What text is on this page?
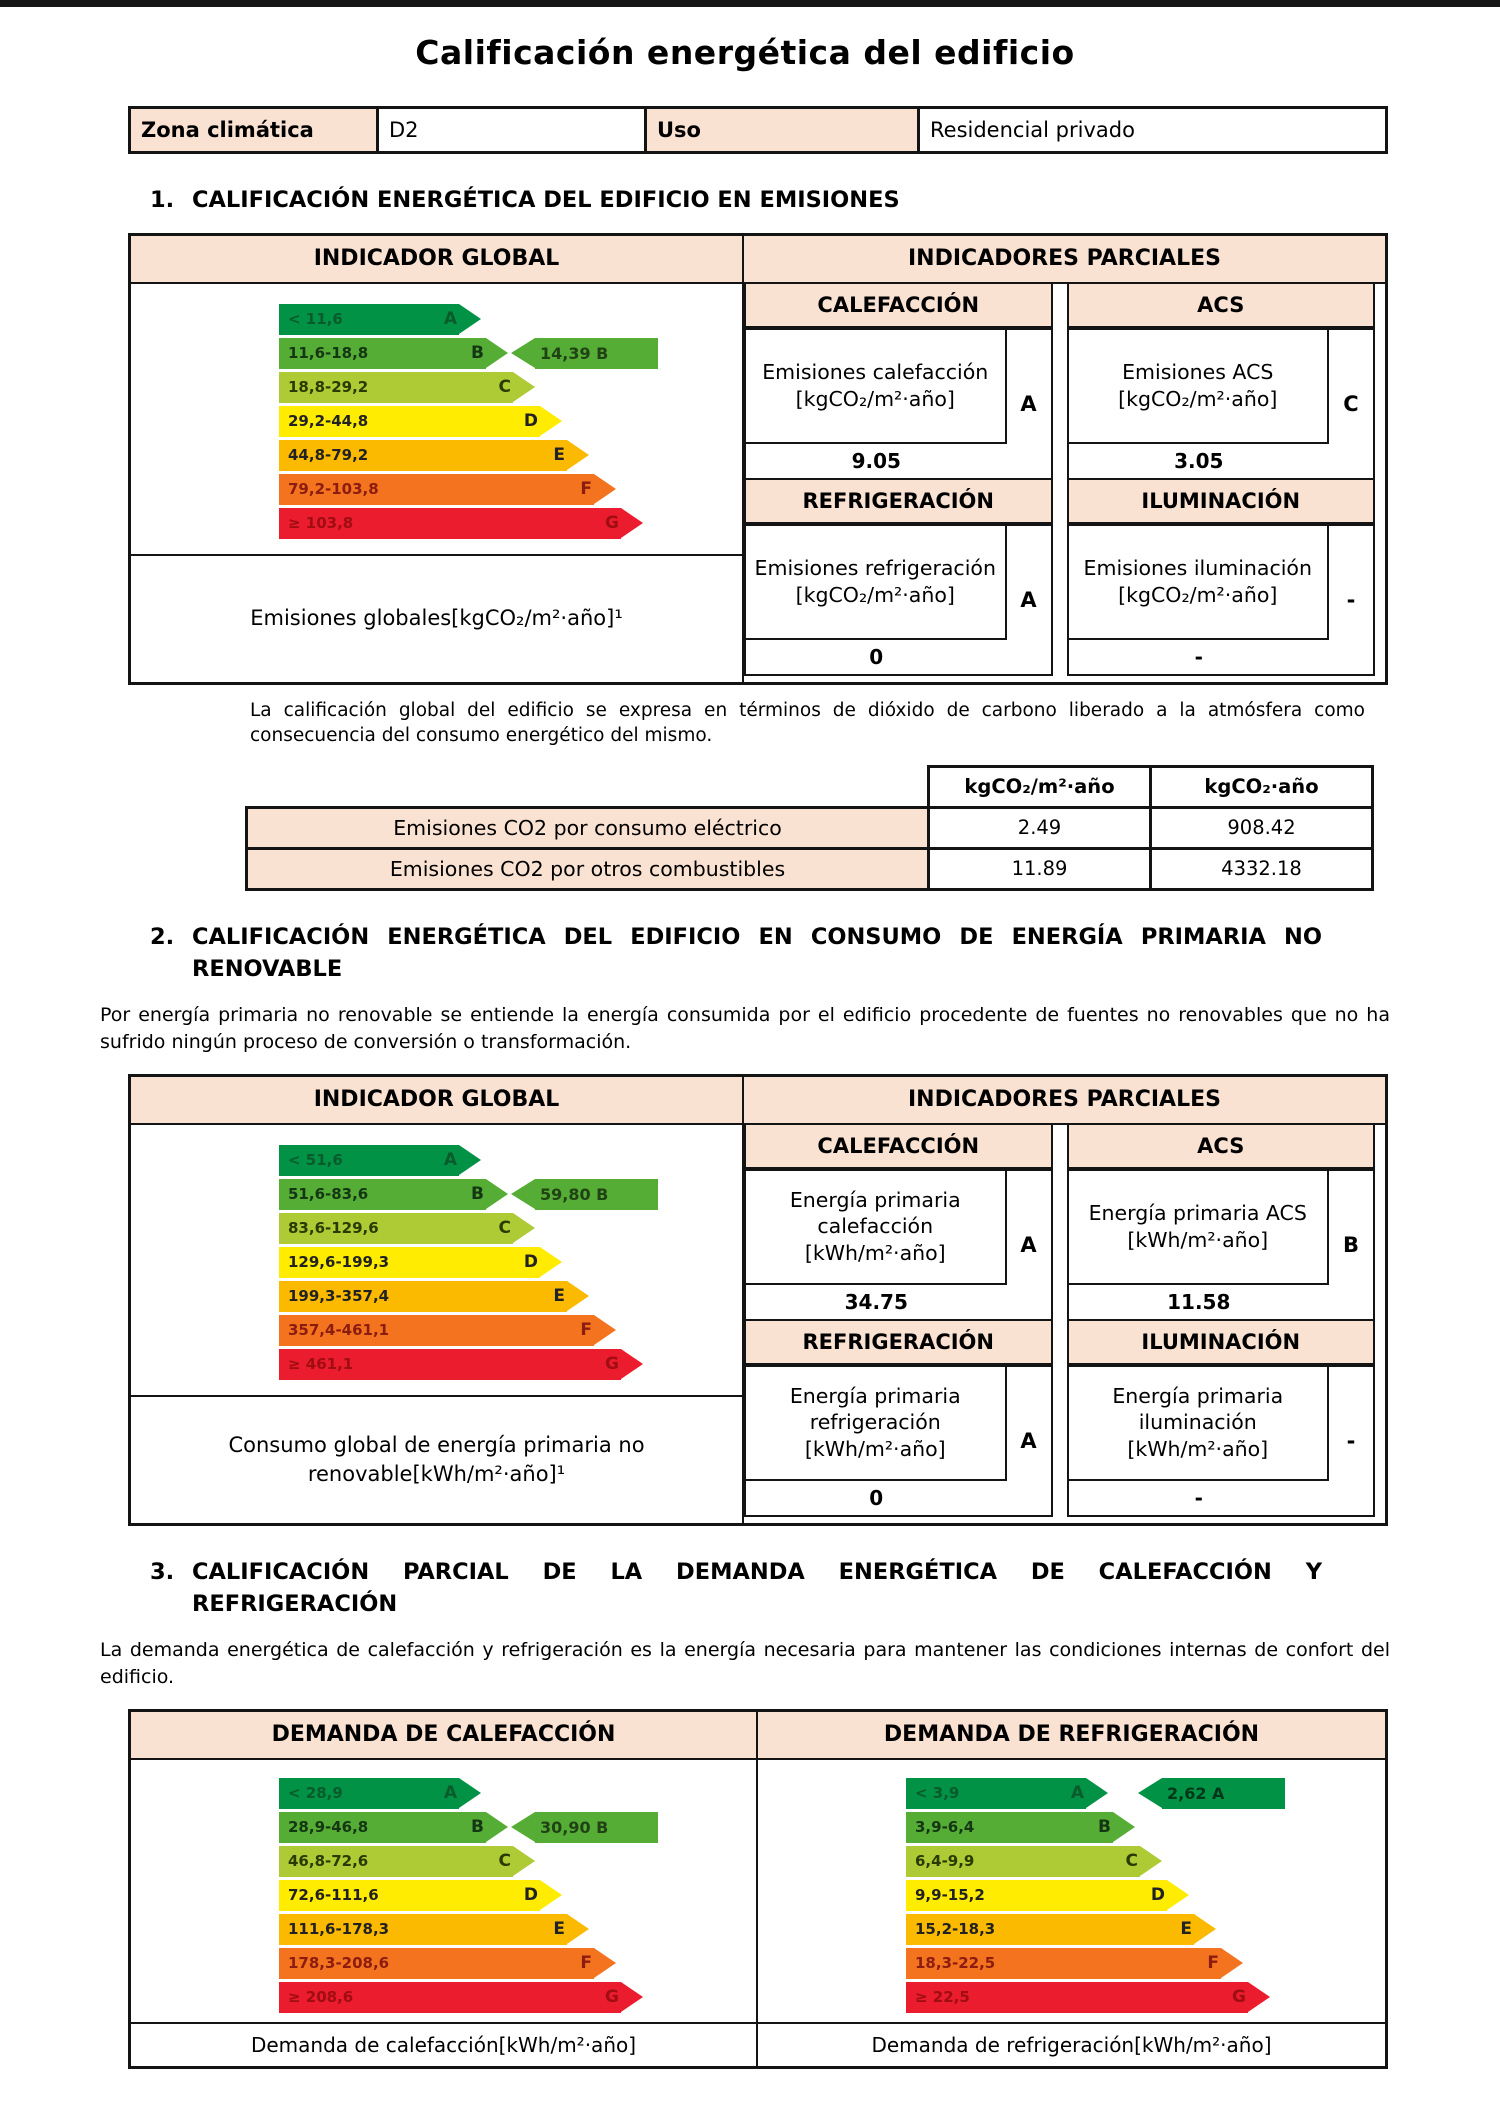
Calificación energética del edificio
Zona climática	D2	Uso	Residencial privado
1. CALIFICACIÓN ENERGÉTICA DEL EDIFICIO EN EMISIONES
INDICADOR GLOBAL
< 11,6	A
11,6-18,8	B
18,8-29,2	C
29,2-44,8	D
44,8-79,2	E
79,2-103,8	F
≥ 103,8	G
14,39 B
Emisiones globales[kgCO₂/m²·año]¹
INDICADORES PARCIALES
CALEFACCIÓN
Emisiones calefacción [kgCO₂/m²·año]	A
9.05
REFRIGERACIÓN
Emisiones refrigeración [kgCO₂/m²·año]	A
0
ACS
Emisiones ACS [kgCO₂/m²·año]	C
3.05
ILUMINACIÓN
Emisiones iluminación [kgCO₂/m²·año]	-
-
La calificación global del edificio se expresa en términos de dióxido de carbono liberado a la atmósfera como consecuencia del consumo energético del mismo.
	kgCO₂/m²·año	kgCO₂·año
Emisiones CO2 por consumo eléctrico	2.49	908.42
Emisiones CO2 por otros combustibles	11.89	4332.18
2. CALIFICACIÓN ENERGÉTICA DEL EDIFICIO EN CONSUMO DE ENERGÍA PRIMARIA NO RENOVABLE
Por energía primaria no renovable se entiende la energía consumida por el edificio procedente de fuentes no renovables que no ha sufrido ningún proceso de conversión o transformación.
INDICADOR GLOBAL
< 51,6	A
51,6-83,6	B
83,6-129,6	C
129,6-199,3	D
199,3-357,4	E
357,4-461,1	F
≥ 461,1	G
59,80 B
Consumo global de energía primaria no renovable[kWh/m²·año]¹
INDICADORES PARCIALES
CALEFACCIÓN
Energía primaria calefacción [kWh/m²·año]	A
34.75
REFRIGERACIÓN
Energía primaria refrigeración [kWh/m²·año]	A
0
ACS
Energía primaria ACS [kWh/m²·año]	B
11.58
ILUMINACIÓN
Energía primaria iluminación [kWh/m²·año]	-
-
3. CALIFICACIÓN PARCIAL DE LA DEMANDA ENERGÉTICA DE CALEFACCIÓN Y REFRIGERACIÓN
La demanda energética de calefacción y refrigeración es la energía necesaria para mantener las condiciones internas de confort del edificio.
DEMANDA DE CALEFACCIÓN	DEMANDA DE REFRIGERACIÓN
< 28,9	A
28,9-46,8	B
46,8-72,6	C
72,6-111,6	D
111,6-178,3	E
178,3-208,6	F
≥ 208,6	G
30,90 B
< 3,9	A
3,9-6,4	B
6,4-9,9	C
9,9-15,2	D
15,2-18,3	E
18,3-22,5	F
≥ 22,5	G
2,62 A
Demanda de calefacción[kWh/m²·año]	Demanda de refrigeración[kWh/m²·año]
